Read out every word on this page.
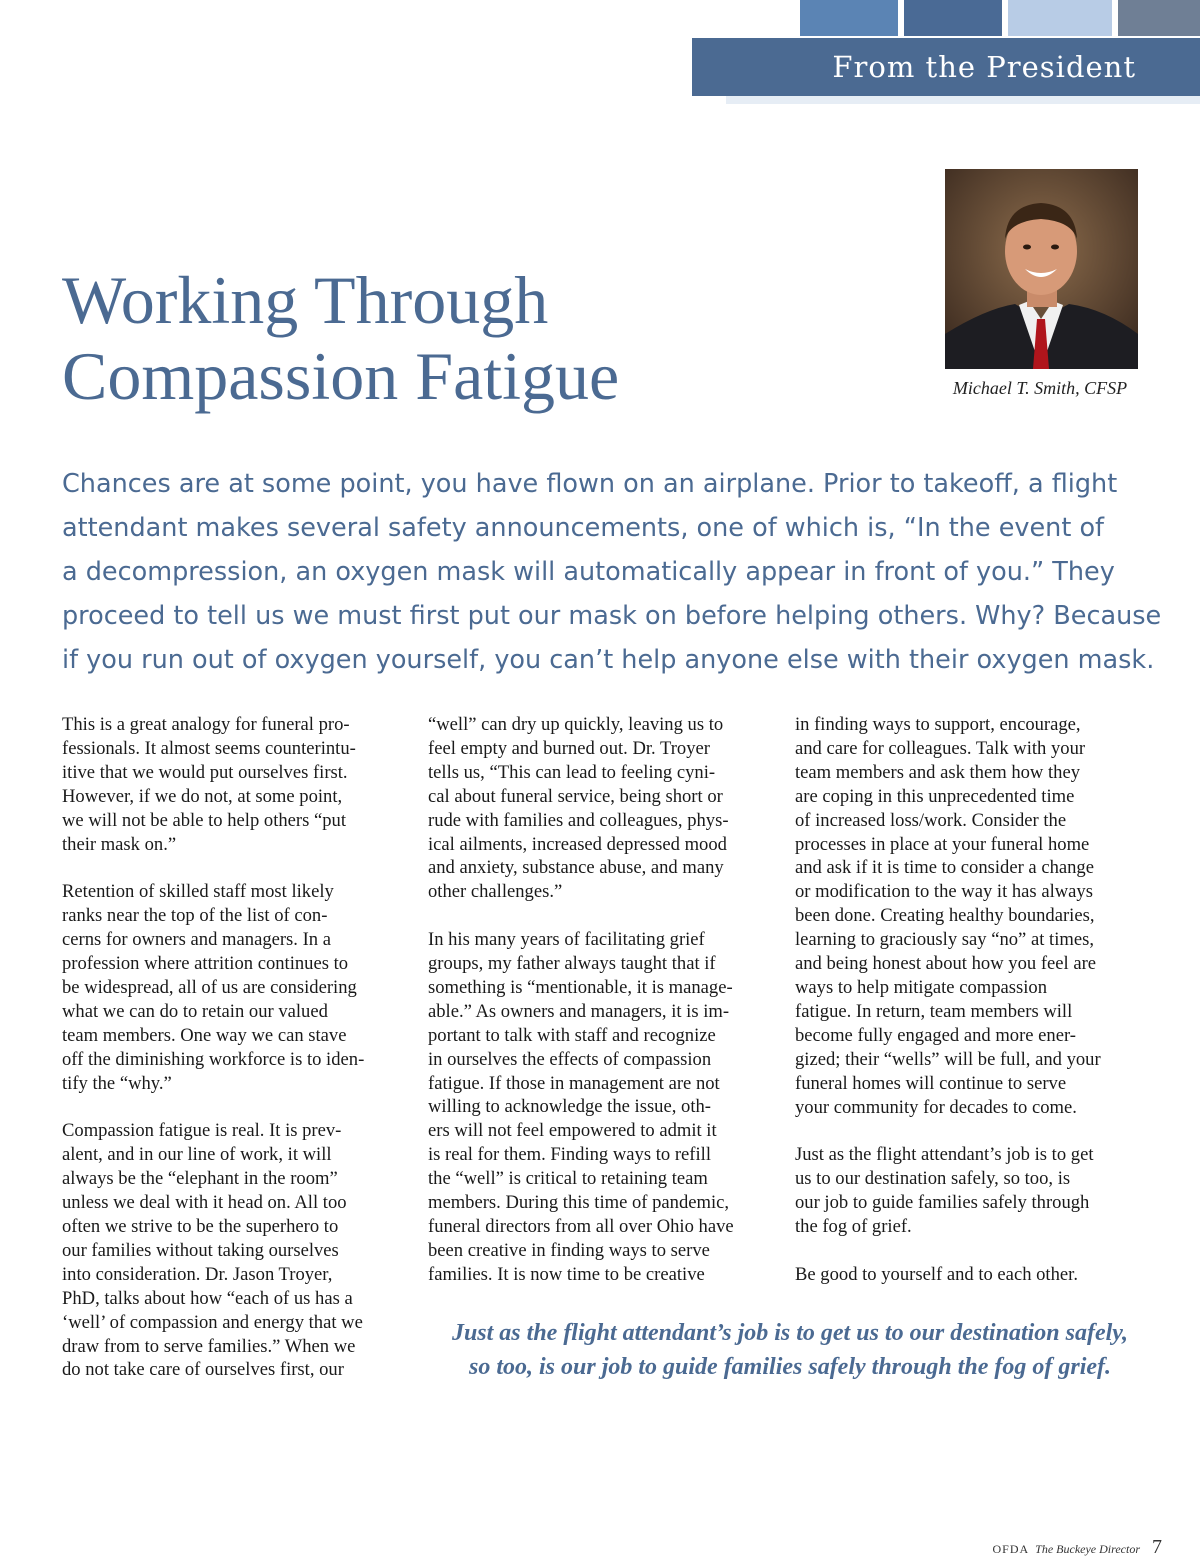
From the President
Working Through
Compassion Fatigue	Michael T. Smith, CFSP
Chances are at some point, you have flown on an airplane. Prior to takeoff, a flight
attendant makes several safety announcements, one of which is, “In the event of
a decompression, an oxygen mask will automatically appear in front of you.” They
proceed to tell us we must first put our mask on before helping others. Why? Because
if you run out of oxygen yourself, you can’t help anyone else with their oxygen mask.

This is a great analogy for funeral pro-
fessionals. It almost seems counterintu-
itive that we would put ourselves first.
However, if we do not, at some point,
we will not be able to help others “put
their mask on.”

Retention of skilled staff most likely
ranks near the top of the list of con-
cerns for owners and managers. In a
profession where attrition continues to
be widespread, all of us are considering
what we can do to retain our valued
team members. One way we can stave
off the diminishing workforce is to iden-
tify the “why.”

Compassion fatigue is real. It is prev-
alent, and in our line of work, it will
always be the “elephant in the room”
unless we deal with it head on. All too
often we strive to be the superhero to
our families without taking ourselves
into consideration. Dr. Jason Troyer,
PhD, talks about how “each of us has a
‘well’ of compassion and energy that we
draw from to serve families.” When we
do not take care of ourselves first, our

“well” can dry up quickly, leaving us to
feel empty and burned out. Dr. Troyer
tells us, “This can lead to feeling cyni-
cal about funeral service, being short or
rude with families and colleagues, phys-
ical ailments, increased depressed mood
and anxiety, substance abuse, and many
other challenges.”

In his many years of facilitating grief
groups, my father always taught that if
something is “mentionable, it is manage-
able.” As owners and managers, it is im-
portant to talk with staff and recognize
in ourselves the effects of compassion
fatigue. If those in management are not
willing to acknowledge the issue, oth-
ers will not feel empowered to admit it
is real for them. Finding ways to refill
the “well” is critical to retaining team
members. During this time of pandemic,
funeral directors from all over Ohio have
been creative in finding ways to serve
families. It is now time to be creative

in finding ways to support, encourage,
and care for colleagues. Talk with your
team members and ask them how they
are coping in this unprecedented time
of increased loss/work. Consider the
processes in place at your funeral home
and ask if it is time to consider a change
or modification to the way it has always
been done. Creating healthy boundaries,
learning to graciously say “no” at times,
and being honest about how you feel are
ways to help mitigate compassion
fatigue. In return, team members will
become fully engaged and more ener-
gized; their “wells” will be full, and your
funeral homes will continue to serve
your community for decades to come.

Just as the flight attendant’s job is to get
us to our destination safely, so too, is
our job to guide families safely through
the fog of grief.

Be good to yourself and to each other.

Just as the flight attendant’s job is to get us to our destination safely,
so too, is our job to guide families safely through the fog of grief.
OFDA The Buckeye Director 7
